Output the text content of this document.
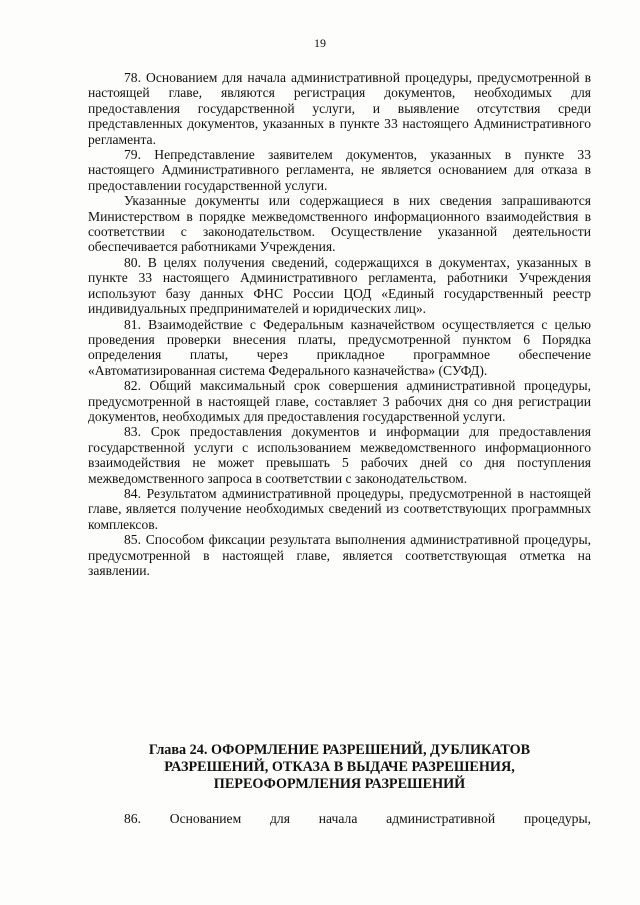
19

78. Основанием для начала административной процедуры, предусмотренной в настоящей главе, являются регистрация документов, необходимых для предоставления государственной услуги, и выявление отсутствия среди представленных документов, указанных в пункте 33 настоящего Административного регламента.

79. Непредставление заявителем документов, указанных в пункте 33 настоящего Административного регламента, не является основанием для отказа в предоставлении государственной услуги.

Указанные документы или содержащиеся в них сведения запрашиваются Министерством в порядке межведомственного информационного взаимодействия в соответствии с законодательством. Осуществление указанной деятельности обеспечивается работниками Учреждения.

80. В целях получения сведений, содержащихся в документах, указанных в пункте 33 настоящего Административного регламента, работники Учреждения используют базу данных ФНС России ЦОД «Единый государственный реестр индивидуальных предпринимателей и юридических лиц».

81. Взаимодействие с Федеральным казначейством осуществляется с целью проведения проверки внесения платы, предусмотренной пунктом 6 Порядка определения платы, через прикладное программное обеспечение «Автоматизированная система Федерального казначейства» (СУФД).

82. Общий максимальный срок совершения административной процедуры, предусмотренной в настоящей главе, составляет 3 рабочих дня со дня регистрации документов, необходимых для предоставления государственной услуги.

83. Срок предоставления документов и информации для предоставления государственной услуги с использованием межведомственного информационного взаимодействия не может превышать 5 рабочих дней со дня поступления межведомственного запроса в соответствии с законодательством.

84. Результатом административной процедуры, предусмотренной в настоящей главе, является получение необходимых сведений из соответствующих программных комплексов.

85. Способом фиксации результата выполнения административной процедуры, предусмотренной в настоящей главе, является соответствующая отметка на заявлении.

Глава 24. ОФОРМЛЕНИЕ РАЗРЕШЕНИЙ, ДУБЛИКАТОВ
РАЗРЕШЕНИЙ, ОТКАЗА В ВЫДАЧЕ РАЗРЕШЕНИЯ,
ПЕРЕОФОРМЛЕНИЯ РАЗРЕШЕНИЙ

86. Основанием для начала административной процедуры,
